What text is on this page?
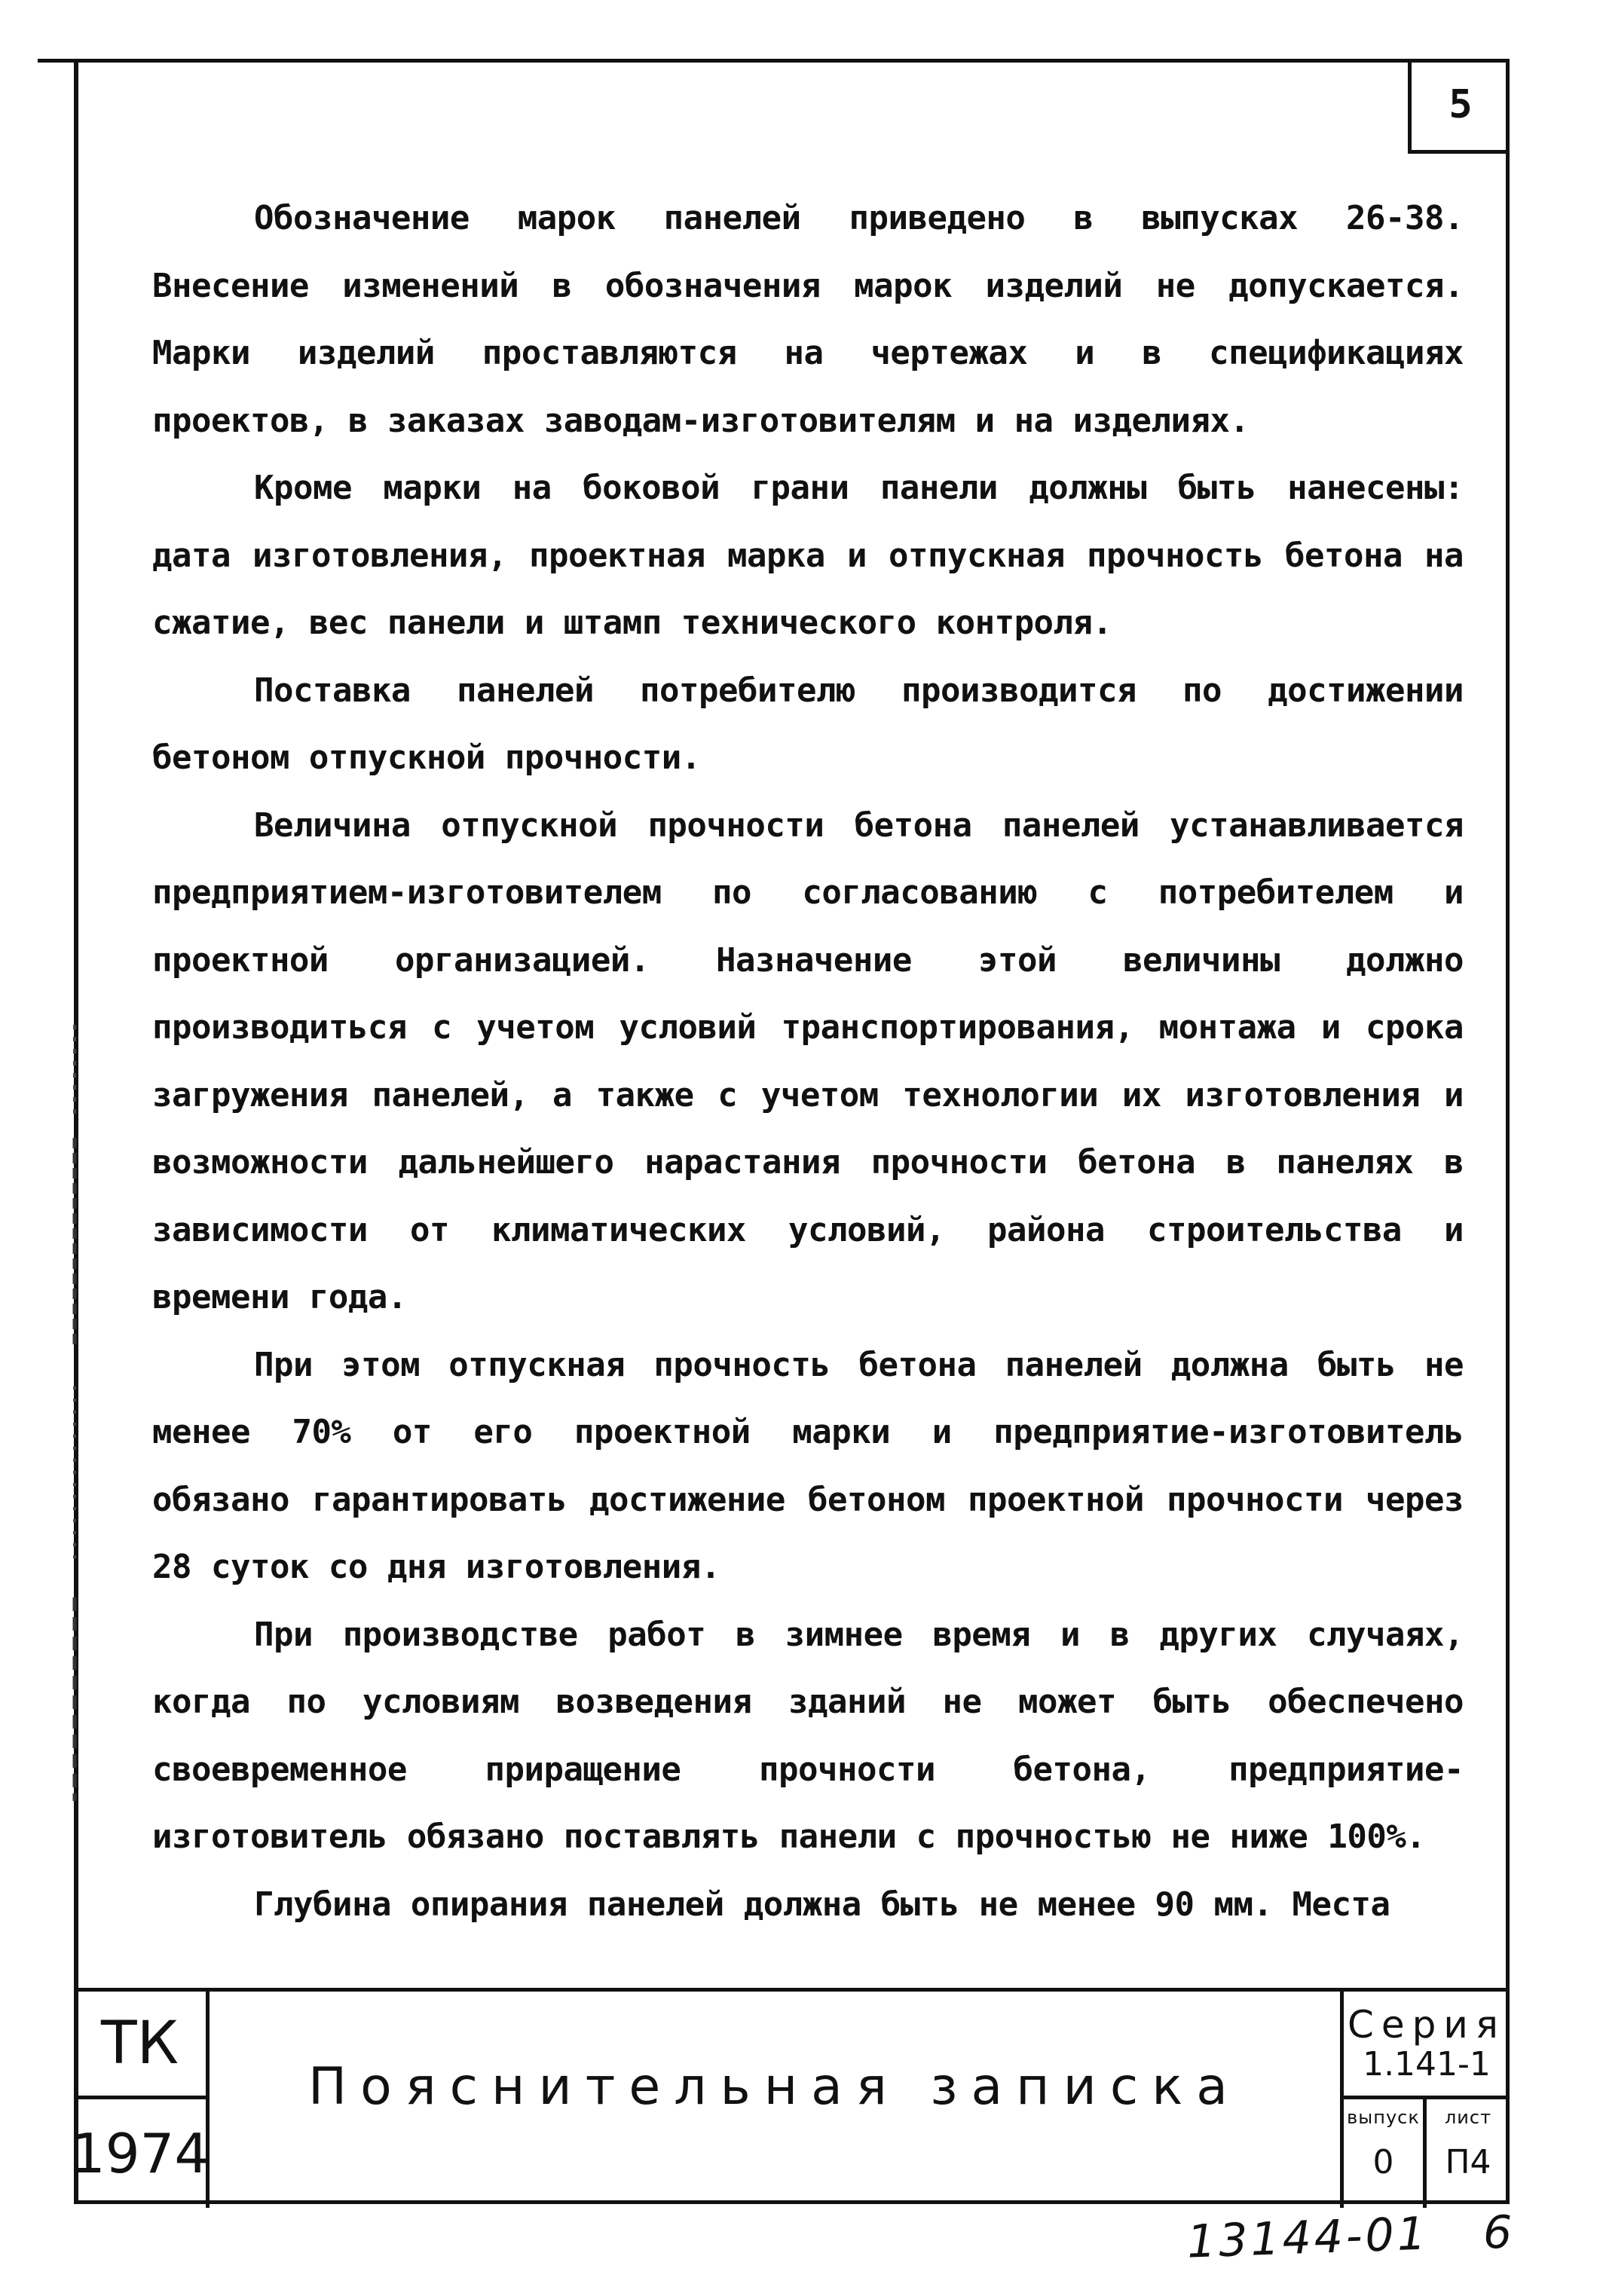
5

Обозначение марок панелей приведено в выпусках 26-38. Внесение изменений в обозначения марок изделий не допускается. Марки изделий проставляются на чертежах и в спецификациях проектов, в заказах заводам-изготовителям и на изделиях.

Кроме марки на боковой грани панели должны быть нанесены: дата изготовления, проектная марка и отпускная прочность бетона на сжатие, вес панели и штамп технического контроля.

Поставка панелей потребителю производится по достижении бетоном отпускной прочности.

Величина отпускной прочности бетона панелей устанавливается предприятием-изготовителем по согласованию с потребителем и проектной организацией. Назначение этой величины должно производиться с учетом условий транспортирования, монтажа и срока загружения панелей, а также с учетом технологии их изготовления и возможности дальнейшего нарастания прочности бетона в панелях в зависимости от климатических условий, района строительства и времени года.

При этом отпускная прочность бетона панелей должна быть не менее 70% от его проектной марки и предприятие-изготовитель обязано гарантировать достижение бетоном проектной прочности через 28 суток со дня изготовления.

При производстве работ в зимнее время и в других случаях, когда по условиям возведения зданий не может быть обеспечено своевременное приращение прочности бетона, предприятие-изготовитель обязано поставлять панели с прочностью не ниже 100%.

Глубина опирания панелей должна быть не менее 90 мм. Места

ТК
1974
Пояснительная записка
Серия
1.141-1
выпуск
0
лист
П4
13144-01 6
